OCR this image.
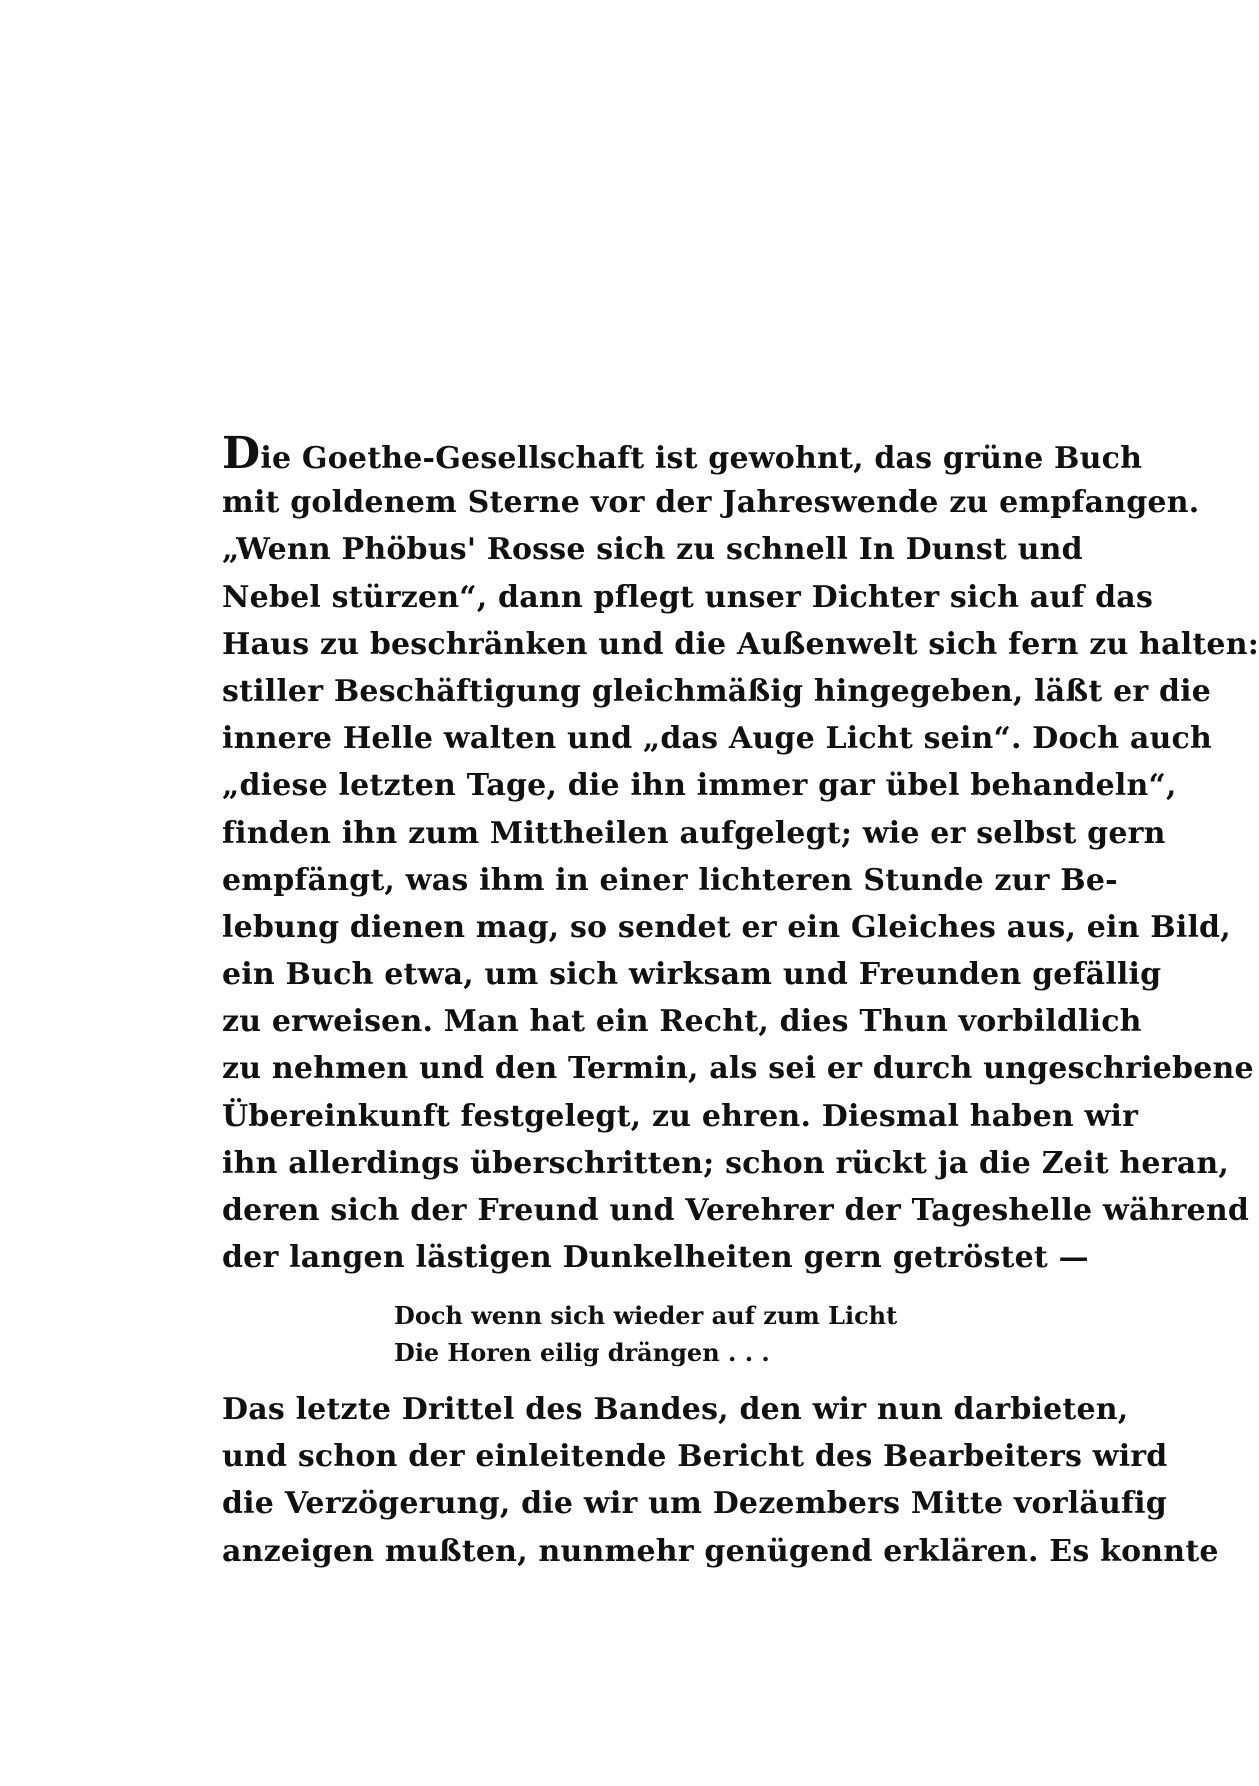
Die Goethe-Gesellschaft ist gewohnt, das grüne Buch
mit goldenem Sterne vor der Jahreswende zu empfangen.
„Wenn Phöbus' Rosse sich zu schnell In Dunst und
Nebel stürzen“, dann pflegt unser Dichter sich auf das
Haus zu beschränken und die Außenwelt sich fern zu halten:
stiller Beschäftigung gleichmäßig hingegeben, läßt er die
innere Helle walten und „das Auge Licht sein“. Doch auch
„diese letzten Tage, die ihn immer gar übel behandeln“,
finden ihn zum Mittheilen aufgelegt; wie er selbst gern
empfängt, was ihm in einer lichteren Stunde zur Be-
lebung dienen mag, so sendet er ein Gleiches aus, ein Bild,
ein Buch etwa, um sich wirksam und Freunden gefällig
zu erweisen. Man hat ein Recht, dies Thun vorbildlich
zu nehmen und den Termin, als sei er durch ungeschriebene
Übereinkunft festgelegt, zu ehren. Diesmal haben wir
ihn allerdings überschritten; schon rückt ja die Zeit heran,
deren sich der Freund und Verehrer der Tageshelle während
der langen lästigen Dunkelheiten gern getröstet —
Doch wenn sich wieder auf zum Licht
Die Horen eilig drängen . . .
Das letzte Drittel des Bandes, den wir nun darbieten,
und schon der einleitende Bericht des Bearbeiters wird
die Verzögerung, die wir um Dezembers Mitte vorläufig
anzeigen mußten, nunmehr genügend erklären. Es konnte
